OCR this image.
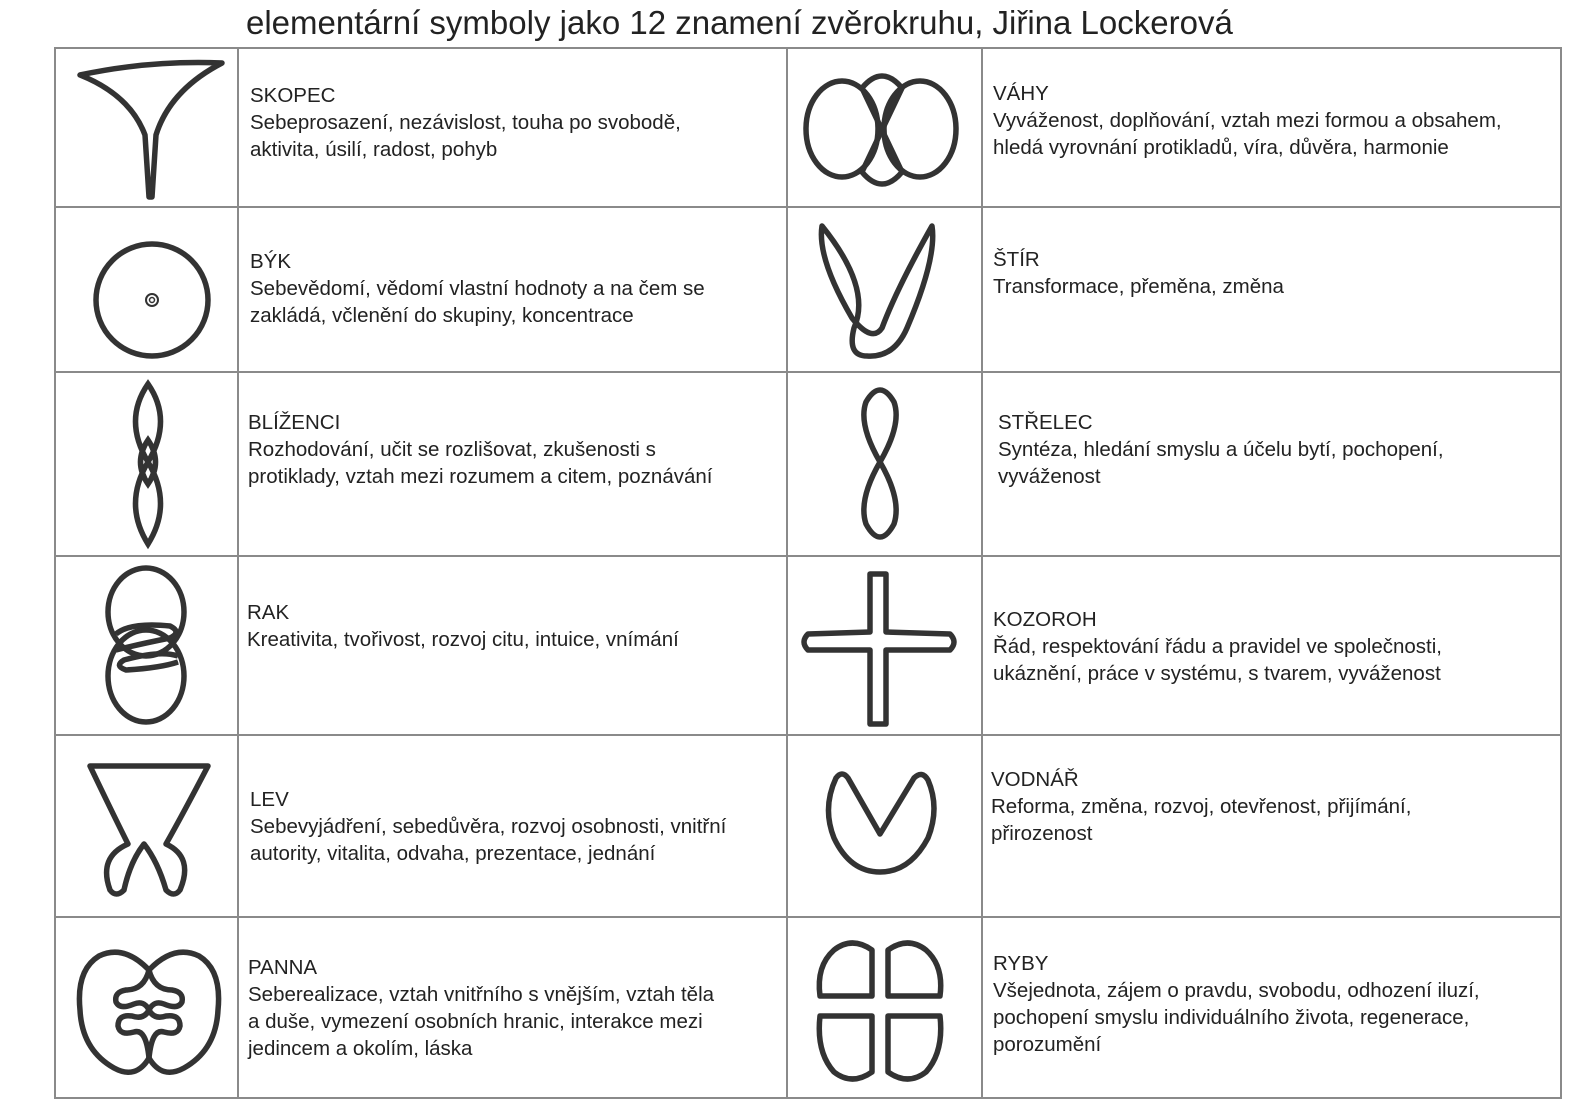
elementární symboly jako 12 znamení zvěrokruhu, Jiřina Lockerová
SKOPEC
Sebeprosazení, nezávislost, touha po svobodě,
aktivita, úsilí, radost, pohyb
VÁHY
Vyváženost, doplňování, vztah mezi formou a obsahem,
hledá vyrovnání protikladů, víra, důvěra, harmonie
BÝK
Sebevědomí, vědomí vlastní hodnoty a na čem se
zakládá, včlenění do skupiny, koncentrace
ŠTÍR
Transformace, přeměna, změna
BLÍŽENCI
Rozhodování, učit se rozlišovat, zkušenosti s
protiklady, vztah mezi rozumem a citem, poznávání
STŘELEC
Syntéza, hledání smyslu a účelu bytí, pochopení,
vyváženost
RAK
Kreativita, tvořivost, rozvoj citu, intuice, vnímání
KOZOROH
Řád, respektování řádu a pravidel ve společnosti,
ukáznění, práce v systému, s tvarem, vyváženost
LEV
Sebevyjádření, sebedůvěra, rozvoj osobnosti, vnitřní
autority, vitalita, odvaha, prezentace, jednání
VODNÁŘ
Reforma, změna, rozvoj, otevřenost, přijímání,
přirozenost
PANNA
Seberealizace, vztah vnitřního s vnějším, vztah těla
a duše, vymezení osobních hranic, interakce mezi
jedincem a okolím, láska
RYBY
Všejednota, zájem o pravdu, svobodu, odhození iluzí,
pochopení smyslu individuálního života, regenerace,
porozumění
